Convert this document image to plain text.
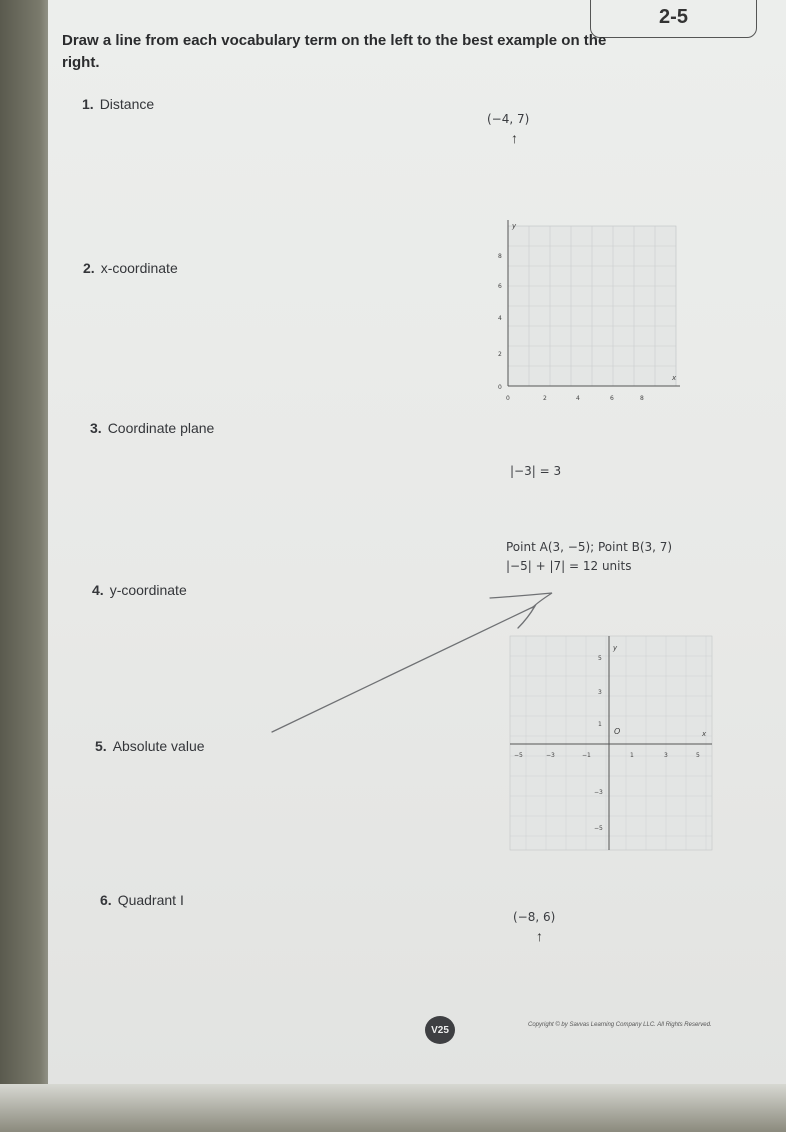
2-5
Draw a line from each vocabulary term on the left to the best example on the right.
1. Distance
2. x-coordinate
3. Coordinate plane
4. y-coordinate
5. Absolute value
6. Quadrant I
(−4, 7)
↑
y
x
8
6
4
2
0
0	2	4	6	8
|−3| = 3
Point A(3, −5); Point B(3, 7)
|−5| + |7| = 12 units
y
x
O
5
3
1
−3
−5
−5	−3	−1	1	3	5
(−8, 6)
↑
V25	Copyright © by Savvas Learning Company LLC. All Rights Reserved.
